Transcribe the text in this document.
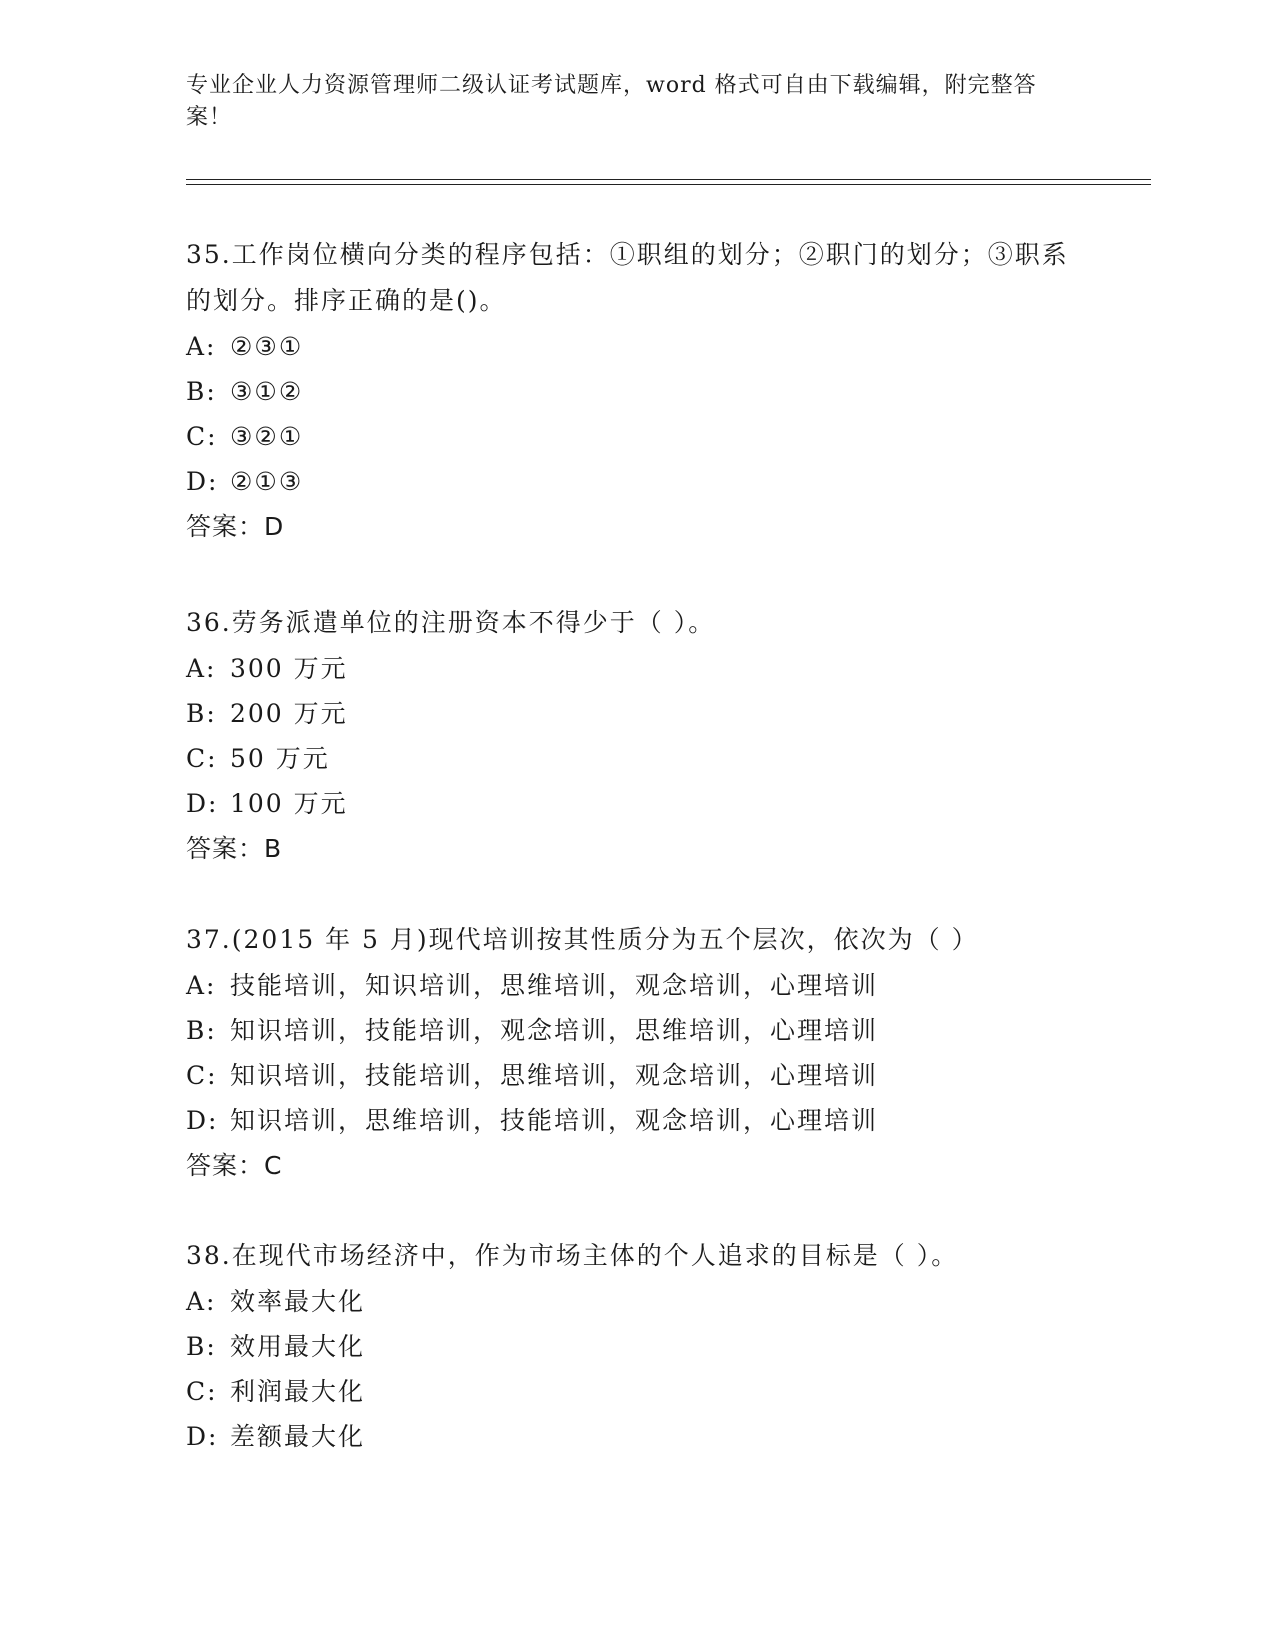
专业企业人力资源管理师二级认证考试题库，word 格式可自由下载编辑，附完整答案！

35.工作岗位横向分类的程序包括：①职组的划分；②职门的划分；③职系的划分。排序正确的是()。

A: ②③①
B: ③①②
C: ③②①
D: ②①③
答案：D

36.劳务派遣单位的注册资本不得少于（ ）。

A: 300 万元
B: 200 万元
C: 50 万元
D: 100 万元
答案：B

37.(2015 年 5 月)现代培训按其性质分为五个层次，依次为（ ）

A: 技能培训，知识培训，思维培训，观念培训，心理培训
B: 知识培训，技能培训，观念培训，思维培训，心理培训
C: 知识培训，技能培训，思维培训，观念培训，心理培训
D: 知识培训，思维培训，技能培训，观念培训，心理培训
答案：C

38.在现代市场经济中，作为市场主体的个人追求的目标是（ ）。

A: 效率最大化
B: 效用最大化
C: 利润最大化
D: 差额最大化
